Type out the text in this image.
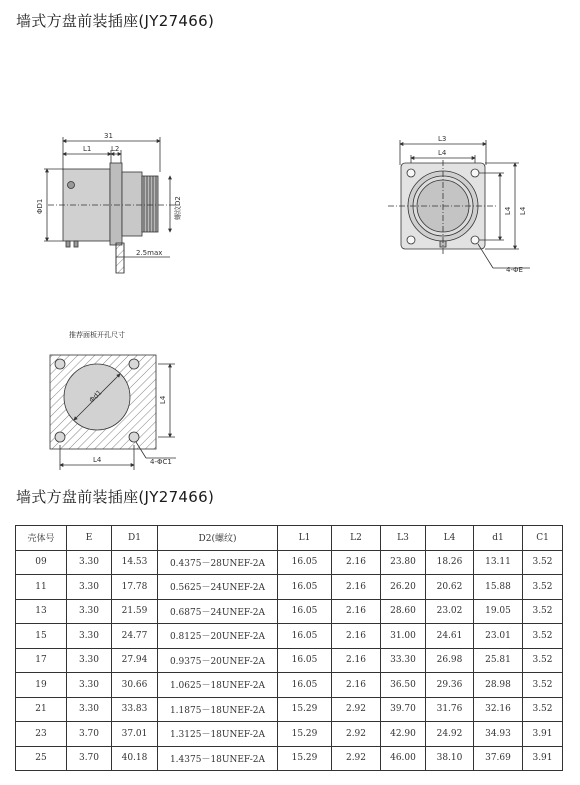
墙式方盘前装插座(JY27466)
31
L1	L2
ΦD1	螺纹D2
2.5max
L3
L4
L4 L4
4-ΦE
Φd1	L4
L4	4-ΦC1
推荐面板开孔尺寸
墙式方盘前装插座(JY27466)
壳体号	E	D1	D2(螺纹)	L1	L2	L3	L4	d1	C1
09	3.30	14.53	0.4375－28UNEF-2A	16.05	2.16	23.80	18.26	13.11	3.52
11	3.30	17.78	0.5625－24UNEF-2A	16.05	2.16	26.20	20.62	15.88	3.52
13	3.30	21.59	0.6875－24UNEF-2A	16.05	2.16	28.60	23.02	19.05	3.52
15	3.30	24.77	0.8125－20UNEF-2A	16.05	2.16	31.00	24.61	23.01	3.52
17	3.30	27.94	0.9375－20UNEF-2A	16.05	2.16	33.30	26.98	25.81	3.52
19	3.30	30.66	1.0625－18UNEF-2A	16.05	2.16	36.50	29.36	28.98	3.52
21	3.30	33.83	1.1875－18UNEF-2A	15.29	2.92	39.70	31.76	32.16	3.52
23	3.70	37.01	1.3125－18UNEF-2A	15.29	2.92	42.90	24.92	34.93	3.91
25	3.70	40.18	1.4375－18UNEF-2A	15.29	2.92	46.00	38.10	37.69	3.91
